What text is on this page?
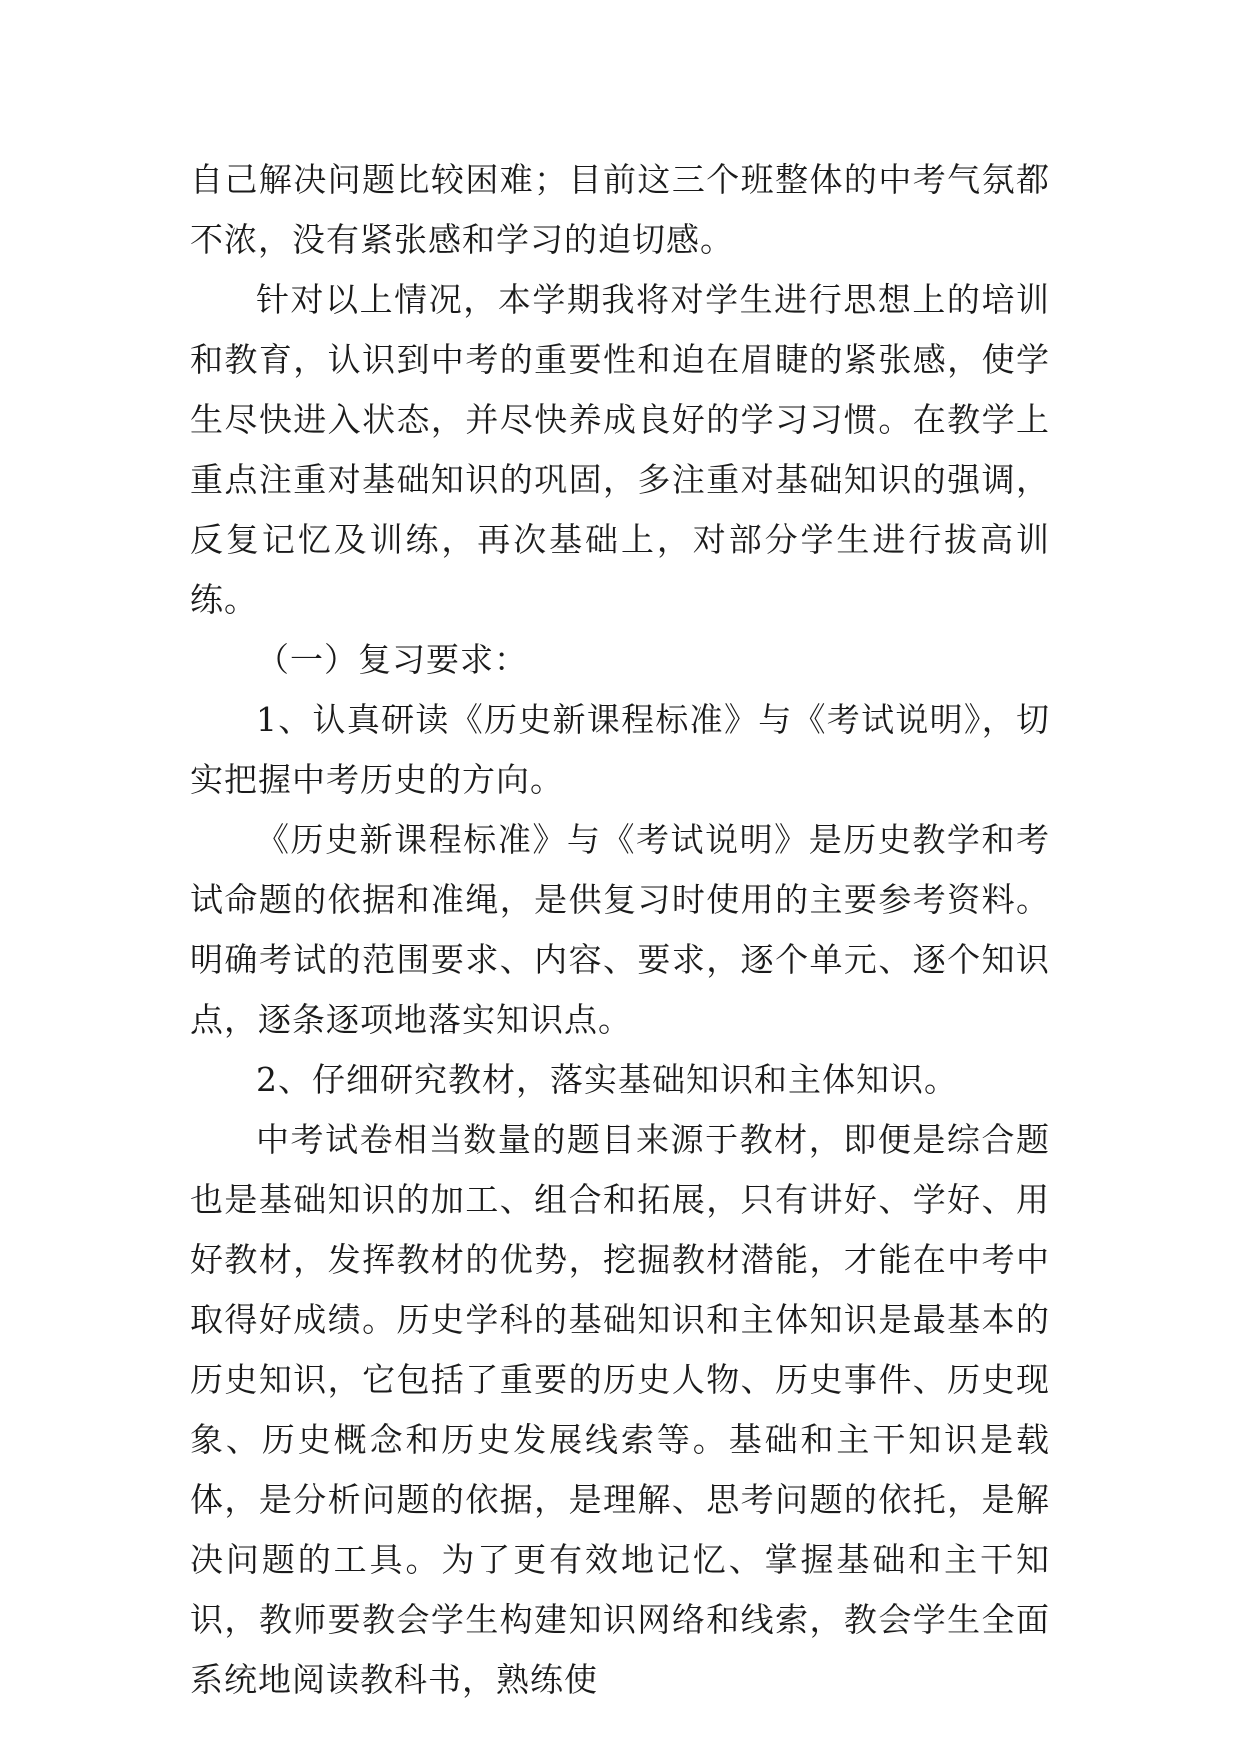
自己解决问题比较困难；目前这三个班整体的中考气氛都不浓，没有紧张感和学习的迫切感。

针对以上情况，本学期我将对学生进行思想上的培训和教育，认识到中考的重要性和迫在眉睫的紧张感，使学生尽快进入状态，并尽快养成良好的学习习惯。在教学上重点注重对基础知识的巩固，多注重对基础知识的强调，反复记忆及训练，再次基础上，对部分学生进行拔高训练。

（一）复习要求：

1、认真研读《历史新课程标准》与《考试说明》，切实把握中考历史的方向。

《历史新课程标准》与《考试说明》是历史教学和考试命题的依据和准绳，是供复习时使用的主要参考资料。明确考试的范围要求、内容、要求，逐个单元、逐个知识点，逐条逐项地落实知识点。

2、仔细研究教材，落实基础知识和主体知识。

中考试卷相当数量的题目来源于教材，即便是综合题也是基础知识的加工、组合和拓展，只有讲好、学好、用好教材，发挥教材的优势，挖掘教材潜能，才能在中考中取得好成绩。历史学科的基础知识和主体知识是最基本的历史知识，它包括了重要的历史人物、历史事件、历史现象、历史概念和历史发展线索等。基础和主干知识是载体，是分析问题的依据，是理解、思考问题的依托，是解决问题的工具。为了更有效地记忆、掌握基础和主干知识，教师要教会学生构建知识网络和线索，教会学生全面系统地阅读教科书，熟练使
